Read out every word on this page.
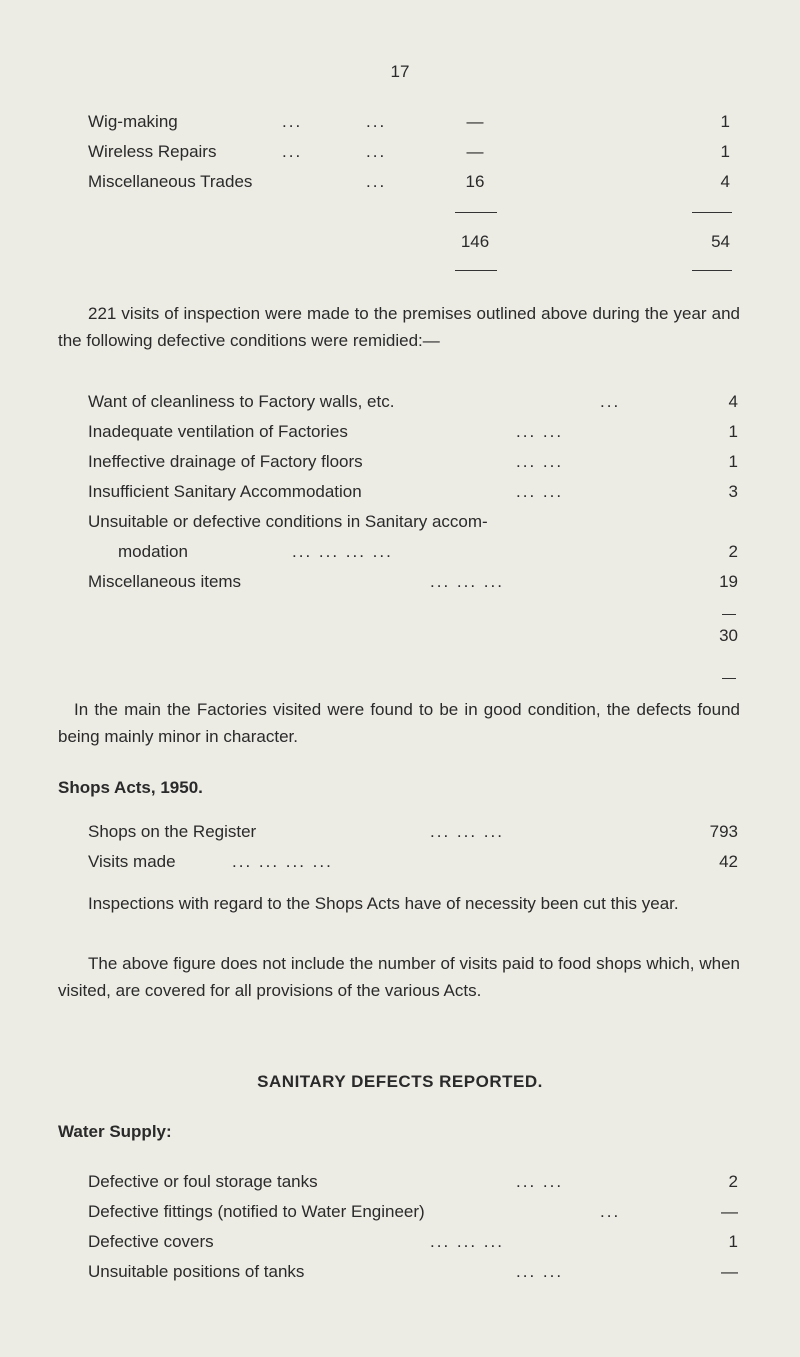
17
Wig-making	...	...	—	1
Wireless Repairs	...	...	—	1
Miscellaneous Trades	...	16	4
146	54
221 visits of inspection were made to the premises outlined above during the year and the following defective conditions were remidied:—
Want of cleanliness to Factory walls, etc.	...	4
Inadequate ventilation of Factories	... ...	1
Ineffective drainage of Factory floors	... ...	1
Insufficient Sanitary Accommodation	... ...	3
Unsuitable or defective conditions in Sanitary accom-
modation	... ... ... ...	2
Miscellaneous items	... ... ...	19
30
In the main the Factories visited were found to be in good condition, the defects found being mainly minor in character.
Shops Acts, 1950.
Shops on the Register	... ... ...	793
Visits made	... ... ... ...	42
Inspections with regard to the Shops Acts have of necessity been cut this year.
The above figure does not include the number of visits paid to food shops which, when visited, are covered for all provisions of the various Acts.
SANITARY DEFECTS REPORTED.
Water Supply:
Defective or foul storage tanks	... ...	2
Defective fittings (notified to Water Engineer)	...	—
Defective covers	... ... ...	1
Unsuitable positions of tanks	... ...	—
